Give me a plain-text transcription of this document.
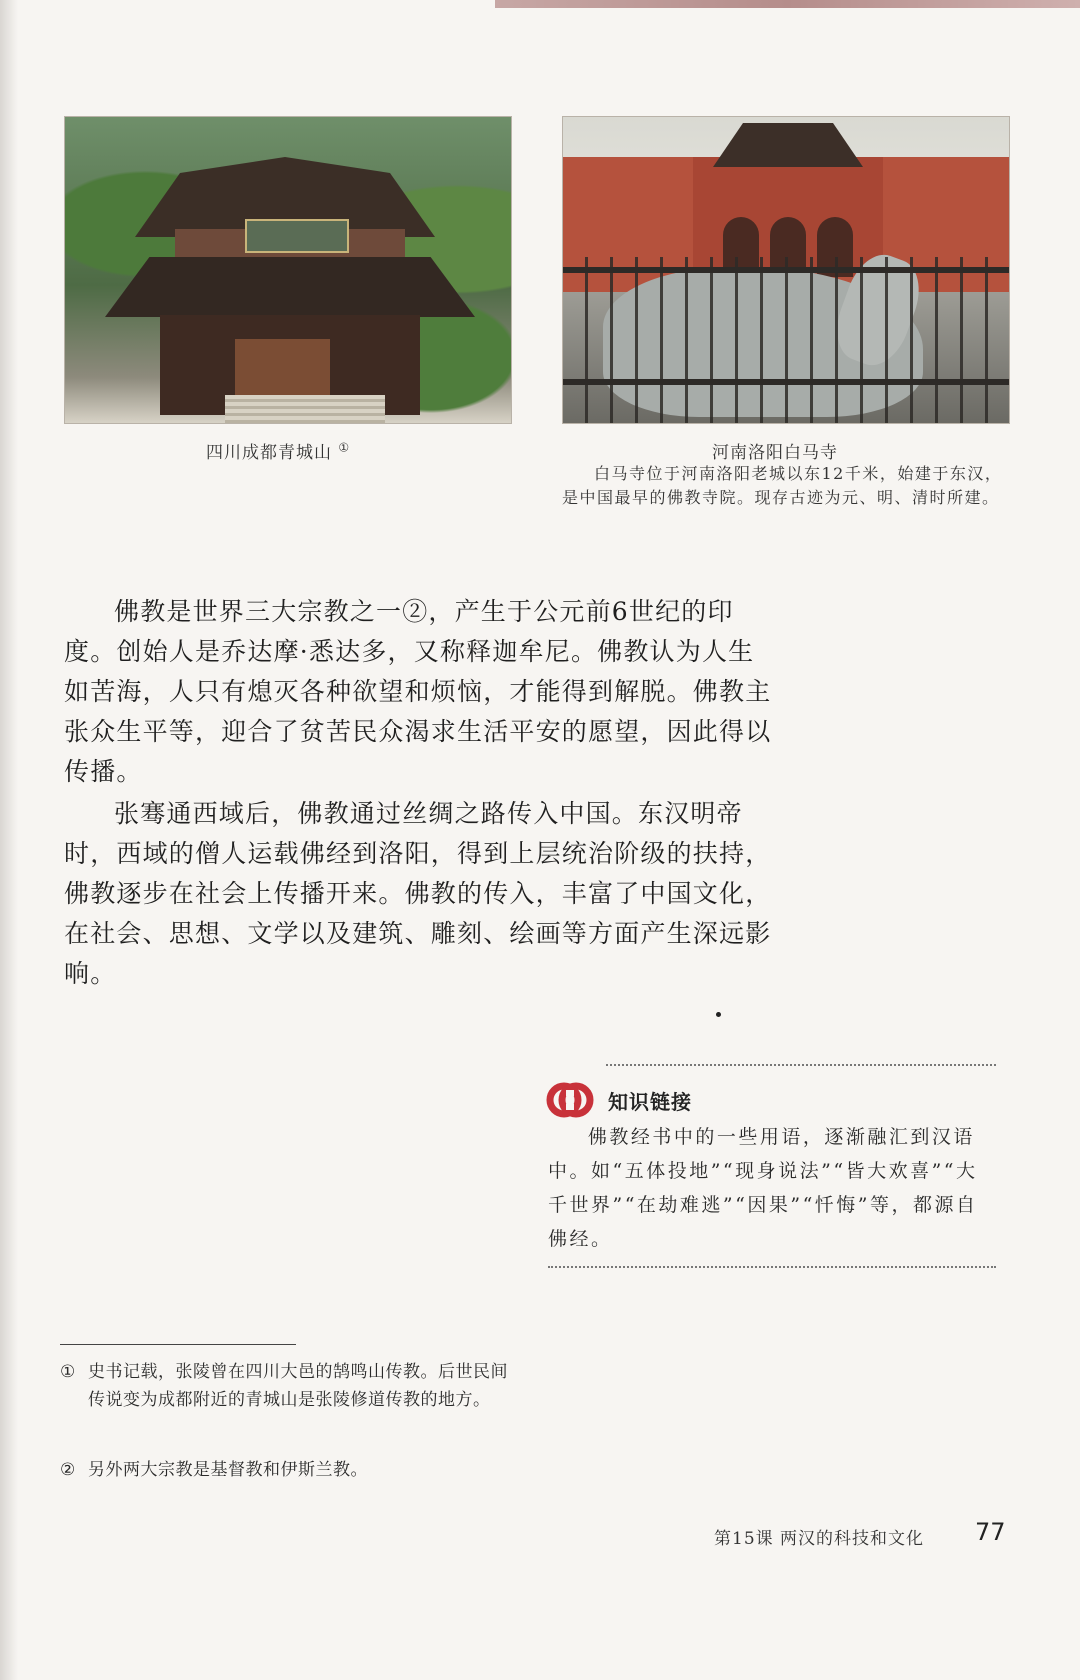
四川成都青城山 ①	河南洛阳白马寺

白马寺位于河南洛阳老城以东12千米，始建于东汉，是中国最早的佛教寺院。现存古迹为元、明、清时所建。

佛教是世界三大宗教之一②，产生于公元前6世纪的印度。创始人是乔达摩·悉达多，又称释迦牟尼。佛教认为人生如苦海，人只有熄灭各种欲望和烦恼，才能得到解脱。佛教主张众生平等，迎合了贫苦民众渴求生活平安的愿望，因此得以传播。

张骞通西域后，佛教通过丝绸之路传入中国。东汉明帝时，西域的僧人运载佛经到洛阳，得到上层统治阶级的扶持，佛教逐步在社会上传播开来。佛教的传入，丰富了中国文化，在社会、思想、文学以及建筑、雕刻、绘画等方面产生深远影响。

知识链接

佛教经书中的一些用语，逐渐融汇到汉语中。如“五体投地”“现身说法”“皆大欢喜”“大千世界”“在劫难逃”“因果”“忏悔”等，都源自佛经。

① 史书记载，张陵曾在四川大邑的鹄鸣山传教。后世民间传说变为成都附近的青城山是张陵修道传教的地方。
② 另外两大宗教是基督教和伊斯兰教。
第15课 两汉的科技和文化 77
